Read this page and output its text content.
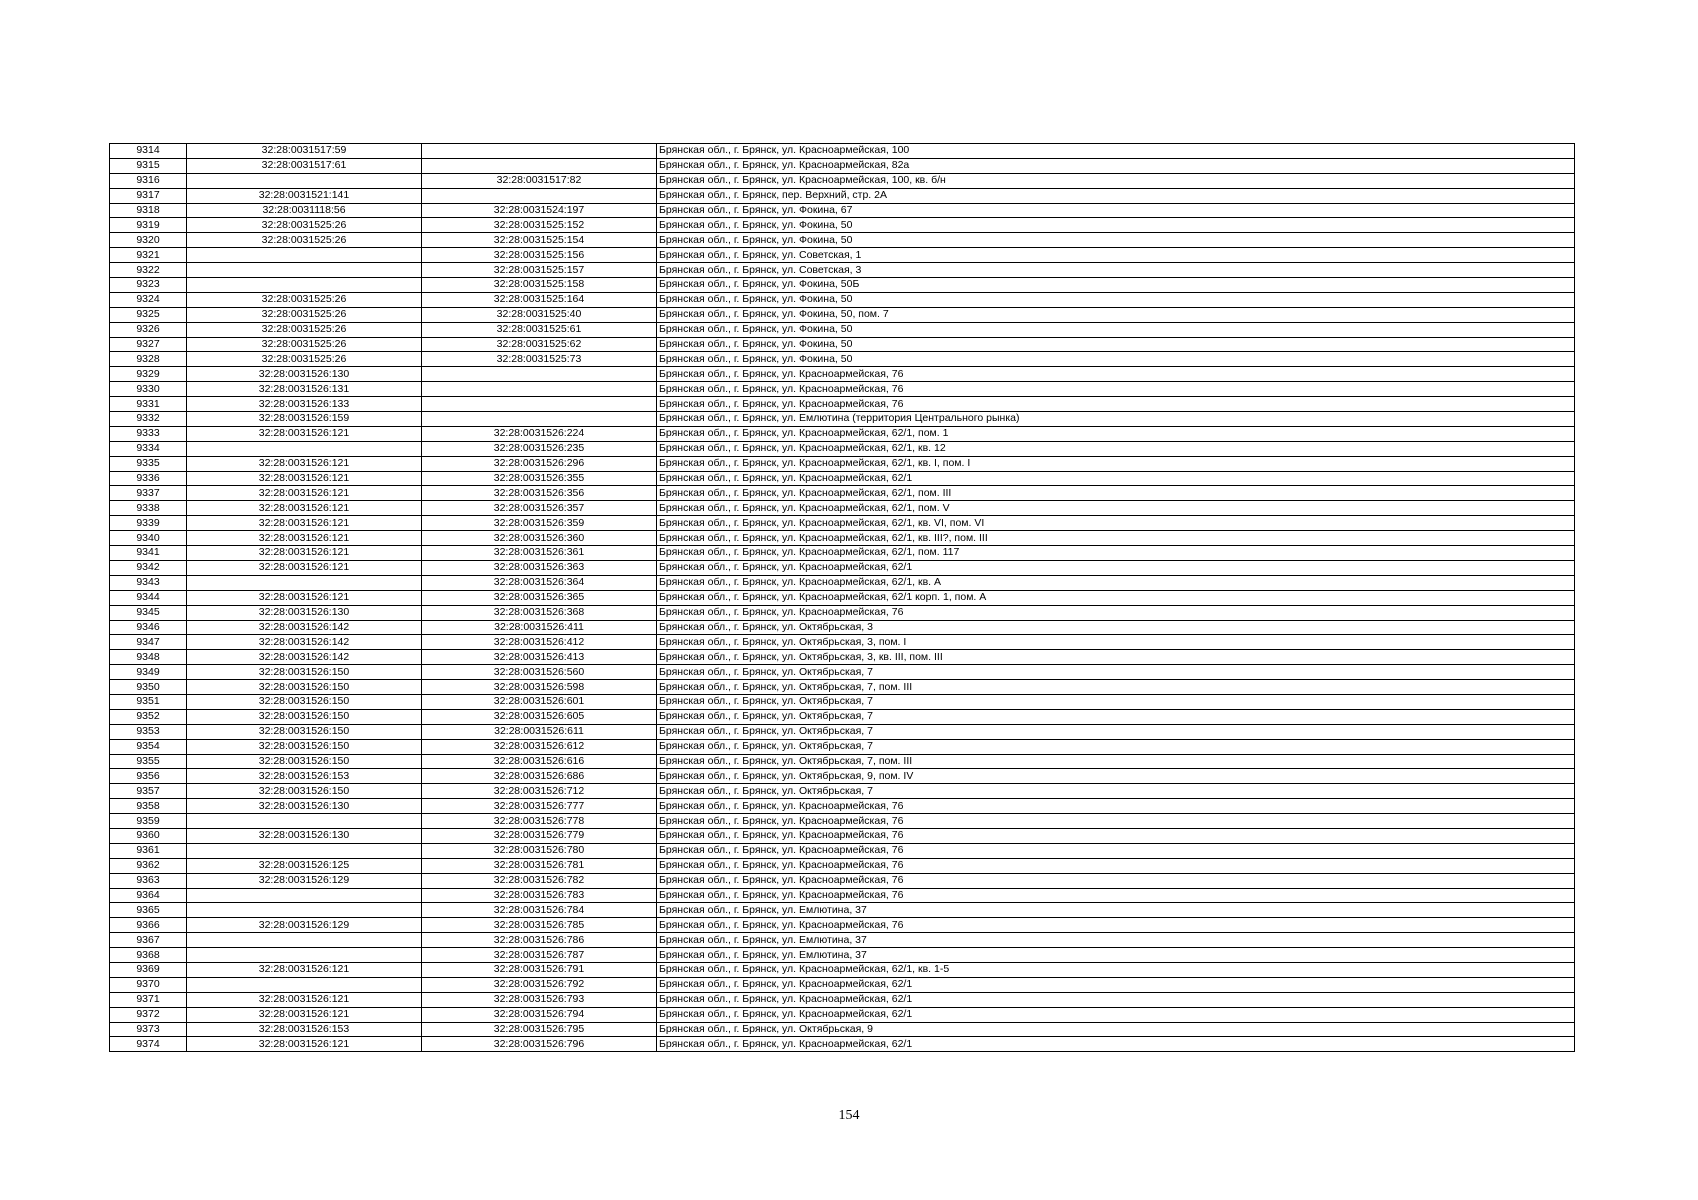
9314	32:28:0031517:59		Брянская обл., г. Брянск, ул. Красноармейская, 100
9315	32:28:0031517:61		Брянская обл., г. Брянск, ул. Красноармейская, 82а
9316		32:28:0031517:82	Брянская обл., г. Брянск, ул. Красноармейская, 100, кв. б/н
9317	32:28:0031521:141		Брянская обл., г. Брянск, пер. Верхний, стр. 2А
9318	32:28:0031118:56	32:28:0031524:197	Брянская обл., г. Брянск, ул. Фокина, 67
9319	32:28:0031525:26	32:28:0031525:152	Брянская обл., г. Брянск, ул. Фокина, 50
9320	32:28:0031525:26	32:28:0031525:154	Брянская обл., г. Брянск, ул. Фокина, 50
9321		32:28:0031525:156	Брянская обл., г. Брянск, ул. Советская, 1
9322		32:28:0031525:157	Брянская обл., г. Брянск, ул. Советская, 3
9323		32:28:0031525:158	Брянская обл., г. Брянск, ул. Фокина, 50Б
9324	32:28:0031525:26	32:28:0031525:164	Брянская обл., г. Брянск, ул. Фокина, 50
9325	32:28:0031525:26	32:28:0031525:40	Брянская обл., г. Брянск, ул. Фокина, 50, пом. 7
9326	32:28:0031525:26	32:28:0031525:61	Брянская обл., г. Брянск, ул. Фокина, 50
9327	32:28:0031525:26	32:28:0031525:62	Брянская обл., г. Брянск, ул. Фокина, 50
9328	32:28:0031525:26	32:28:0031525:73	Брянская обл., г. Брянск, ул. Фокина, 50
9329	32:28:0031526:130		Брянская обл., г. Брянск, ул. Красноармейская, 76
9330	32:28:0031526:131		Брянская обл., г. Брянск, ул. Красноармейская, 76
9331	32:28:0031526:133		Брянская обл., г. Брянск, ул. Красноармейская, 76
9332	32:28:0031526:159		Брянская обл., г. Брянск, ул. Емлютина (территория Центрального рынка)
9333	32:28:0031526:121	32:28:0031526:224	Брянская обл., г. Брянск, ул. Красноармейская, 62/1, пом. 1
9334		32:28:0031526:235	Брянская обл., г. Брянск, ул. Красноармейская, 62/1, кв. 12
9335	32:28:0031526:121	32:28:0031526:296	Брянская обл., г. Брянск, ул. Красноармейская, 62/1, кв. I, пом. I
9336	32:28:0031526:121	32:28:0031526:355	Брянская обл., г. Брянск, ул. Красноармейская, 62/1
9337	32:28:0031526:121	32:28:0031526:356	Брянская обл., г. Брянск, ул. Красноармейская, 62/1, пом. III
9338	32:28:0031526:121	32:28:0031526:357	Брянская обл., г. Брянск, ул. Красноармейская, 62/1, пом. V
9339	32:28:0031526:121	32:28:0031526:359	Брянская обл., г. Брянск, ул. Красноармейская, 62/1, кв. VI, пом. VI
9340	32:28:0031526:121	32:28:0031526:360	Брянская обл., г. Брянск, ул. Красноармейская, 62/1, кв. III?, пом. III
9341	32:28:0031526:121	32:28:0031526:361	Брянская обл., г. Брянск, ул. Красноармейская, 62/1, пом. 117
9342	32:28:0031526:121	32:28:0031526:363	Брянская обл., г. Брянск, ул. Красноармейская, 62/1
9343		32:28:0031526:364	Брянская обл., г. Брянск, ул. Красноармейская, 62/1, кв. А
9344	32:28:0031526:121	32:28:0031526:365	Брянская обл., г. Брянск, ул. Красноармейская, 62/1 корп. 1, пом. А
9345	32:28:0031526:130	32:28:0031526:368	Брянская обл., г. Брянск, ул. Красноармейская, 76
9346	32:28:0031526:142	32:28:0031526:411	Брянская обл., г. Брянск, ул. Октябрьская, 3
9347	32:28:0031526:142	32:28:0031526:412	Брянская обл., г. Брянск, ул. Октябрьская, 3, пом. I
9348	32:28:0031526:142	32:28:0031526:413	Брянская обл., г. Брянск, ул. Октябрьская, 3, кв. III, пом. III
9349	32:28:0031526:150	32:28:0031526:560	Брянская обл., г. Брянск, ул. Октябрьская, 7
9350	32:28:0031526:150	32:28:0031526:598	Брянская обл., г. Брянск, ул. Октябрьская, 7, пом. III
9351	32:28:0031526:150	32:28:0031526:601	Брянская обл., г. Брянск, ул. Октябрьская, 7
9352	32:28:0031526:150	32:28:0031526:605	Брянская обл., г. Брянск, ул. Октябрьская, 7
9353	32:28:0031526:150	32:28:0031526:611	Брянская обл., г. Брянск, ул. Октябрьская, 7
9354	32:28:0031526:150	32:28:0031526:612	Брянская обл., г. Брянск, ул. Октябрьская, 7
9355	32:28:0031526:150	32:28:0031526:616	Брянская обл., г. Брянск, ул. Октябрьская, 7, пом. III
9356	32:28:0031526:153	32:28:0031526:686	Брянская обл., г. Брянск, ул. Октябрьская, 9, пом. IV
9357	32:28:0031526:150	32:28:0031526:712	Брянская обл., г. Брянск, ул. Октябрьская, 7
9358	32:28:0031526:130	32:28:0031526:777	Брянская обл., г. Брянск, ул. Красноармейская, 76
9359		32:28:0031526:778	Брянская обл., г. Брянск, ул. Красноармейская, 76
9360	32:28:0031526:130	32:28:0031526:779	Брянская обл., г. Брянск, ул. Красноармейская, 76
9361		32:28:0031526:780	Брянская обл., г. Брянск, ул. Красноармейская, 76
9362	32:28:0031526:125	32:28:0031526:781	Брянская обл., г. Брянск, ул. Красноармейская, 76
9363	32:28:0031526:129	32:28:0031526:782	Брянская обл., г. Брянск, ул. Красноармейская, 76
9364		32:28:0031526:783	Брянская обл., г. Брянск, ул. Красноармейская, 76
9365		32:28:0031526:784	Брянская обл., г. Брянск, ул. Емлютина, 37
9366	32:28:0031526:129	32:28:0031526:785	Брянская обл., г. Брянск, ул. Красноармейская, 76
9367		32:28:0031526:786	Брянская обл., г. Брянск, ул. Емлютина, 37
9368		32:28:0031526:787	Брянская обл., г. Брянск, ул. Емлютина, 37
9369	32:28:0031526:121	32:28:0031526:791	Брянская обл., г. Брянск, ул. Красноармейская, 62/1, кв. 1-5
9370		32:28:0031526:792	Брянская обл., г. Брянск, ул. Красноармейская, 62/1
9371	32:28:0031526:121	32:28:0031526:793	Брянская обл., г. Брянск, ул. Красноармейская, 62/1
9372	32:28:0031526:121	32:28:0031526:794	Брянская обл., г. Брянск, ул. Красноармейская, 62/1
9373	32:28:0031526:153	32:28:0031526:795	Брянская обл., г. Брянск, ул. Октябрьская, 9
9374	32:28:0031526:121	32:28:0031526:796	Брянская обл., г. Брянск, ул. Красноармейская, 62/1
154
